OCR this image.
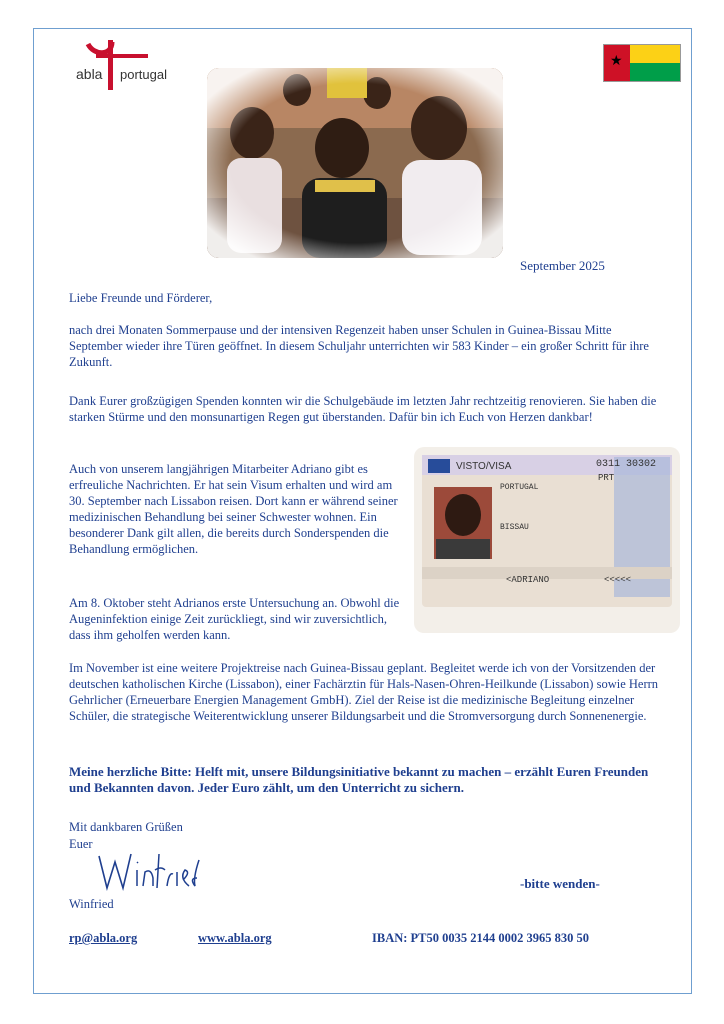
abla portugal
★
September 2025

Liebe Freunde und Förderer,

nach drei Monaten Sommerpause und der intensiven Regenzeit haben unser Schulen in Guinea-Bissau Mitte September wieder ihre Türen geöffnet. In diesem Schuljahr unterrichten wir 583 Kinder – ein großer Schritt für ihre Zukunft.

Dank Eurer großzügigen Spenden konnten wir die Schulgebäude im letzten Jahr rechtzeitig renovieren. Sie haben die starken Stürme und den monsunartigen Regen gut überstanden. Dafür bin ich Euch von Herzen dankbar!

Auch von unserem langjährigen Mitarbeiter Adriano gibt es erfreuliche Nachrichten. Er hat sein Visum erhalten und wird am 30. September nach Lissabon reisen. Dort kann er während seiner medizinischen Behandlung bei seiner Schwester wohnen. Ein besonderer Dank gilt allen, die bereits durch Sonderspenden die Behandlung ermöglichen.

Am 8. Oktober steht Adrianos erste Untersuchung an. Obwohl die Augeninfektion einige Zeit zurückliegt, sind wir zuversichtlich, dass ihm geholfen werden kann.

VISTO/VISA	0311 30302
PRT
PORTUGAL
BISSAU
<ADRIANO	<<<<<

Im November ist eine weitere Projektreise nach Guinea-Bissau geplant. Begleitet werde ich von der Vorsitzenden der deutschen katholischen Kirche (Lissabon), einer Fachärztin für Hals-Nasen-Ohren-Heilkunde (Lissabon) sowie Herrn Gehrlicher (Erneuerbare Energien Management GmbH). Ziel der Reise ist die medizinische Begleitung einzelner Schüler, die strategische Weiterentwicklung unserer Bildungsarbeit und die Stromversorgung durch Sonnenenergie.

Meine herzliche Bitte: Helft mit, unsere Bildungsinitiative bekannt zu machen – erzählt Euren Freunden und Bekannten davon. Jeder Euro zählt, um den Unterricht zu sichern.

Mit dankbaren Grüßen

Euer

Winfried

-bitte wenden-

rp@abla.org	www.abla.org	IBAN: PT50 0035 2144 0002 3965 830 50
